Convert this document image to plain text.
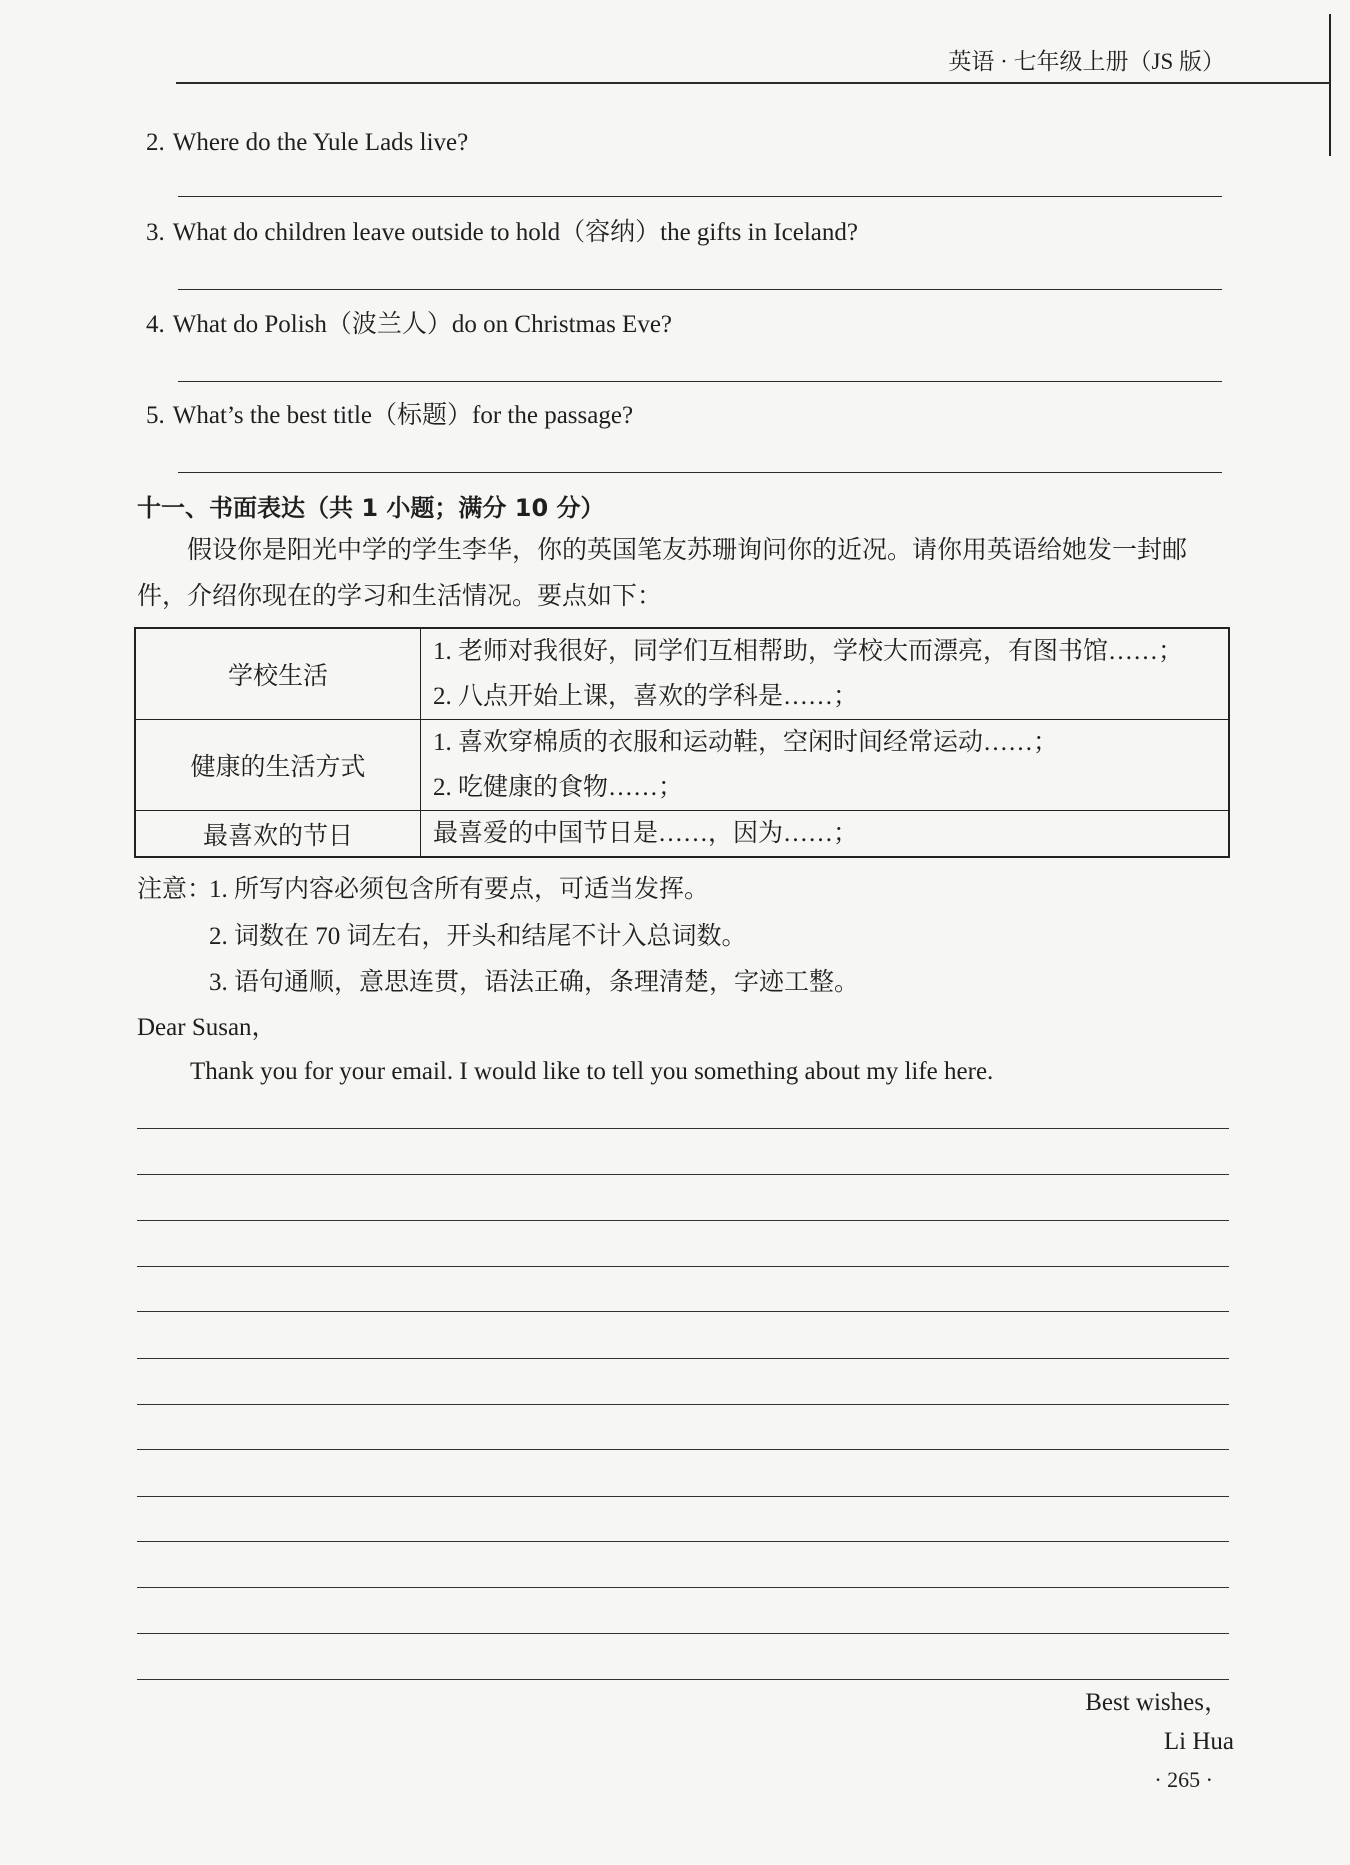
英语 · 七年级上册（JS 版）
2. Where do the Yule Lads live?
3. What do children leave outside to hold（容纳）the gifts in Iceland?
4. What do Polish（波兰人）do on Christmas Eve?
5. What’s the best title（标题）for the passage?
十一、书面表达（共 1 小题；满分 10 分）
假设你是阳光中学的学生李华，你的英国笔友苏珊询问你的近况。请你用英语给她发一封邮件，介绍你现在的学习和生活情况。要点如下：
学校生活	1. 老师对我很好，同学们互相帮助，学校大而漂亮，有图书馆……；
2. 八点开始上课，喜欢的学科是……；

健康的生活方式	1. 喜欢穿棉质的衣服和运动鞋，空闲时间经常运动……；
2. 吃健康的食物……；

最喜欢的节日	最喜爱的中国节日是……，因为……；
注意：
1. 所写内容必须包含所有要点，可适当发挥。
2. 词数在 70 词左右，开头和结尾不计入总词数。
3. 语句通顺，意思连贯，语法正确，条理清楚，字迹工整。
Dear Susan，
Thank you for your email. I would like to tell you something about my life here.
Best wishes，
Li Hua
· 265 ·
